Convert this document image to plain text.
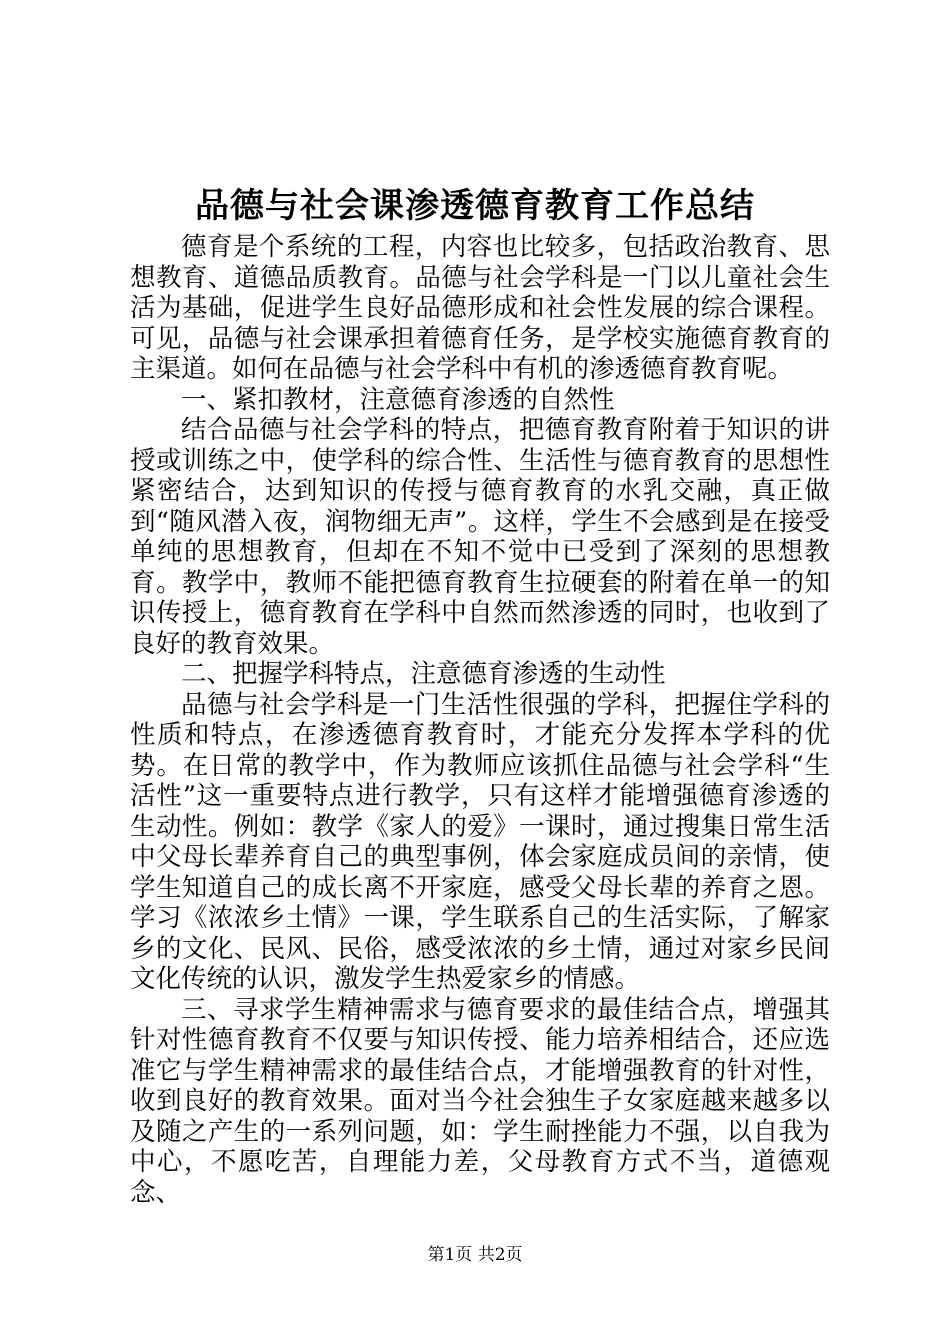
品德与社会课渗透德育教育工作总结

德育是个系统的工程，内容也比较多，包括政治教育、思想教育、道德品质教育。品德与社会学科是一门以儿童社会生活为基础，促进学生良好品德形成和社会性发展的综合课程。可见，品德与社会课承担着德育任务，是学校实施德育教育的主渠道。如何在品德与社会学科中有机的渗透德育教育呢。

一、紧扣教材，注意德育渗透的自然性

结合品德与社会学科的特点，把德育教育附着于知识的讲授或训练之中，使学科的综合性、生活性与德育教育的思想性紧密结合，达到知识的传授与德育教育的水乳交融，真正做到“随风潜入夜，润物细无声”。这样，学生不会感到是在接受单纯的思想教育，但却在不知不觉中已受到了深刻的思想教育。教学中，教师不能把德育教育生拉硬套的附着在单一的知识传授上，德育教育在学科中自然而然渗透的同时，也收到了良好的教育效果。

二、把握学科特点，注意德育渗透的生动性

品德与社会学科是一门生活性很强的学科，把握住学科的性质和特点，在渗透德育教育时，才能充分发挥本学科的优势。在日常的教学中，作为教师应该抓住品德与社会学科“生活性”这一重要特点进行教学，只有这样才能增强德育渗透的生动性。例如：教学《家人的爱》一课时，通过搜集日常生活中父母长辈养育自己的典型事例，体会家庭成员间的亲情，使学生知道自己的成长离不开家庭，感受父母长辈的养育之恩。学习《浓浓乡土情》一课，学生联系自己的生活实际，了解家乡的文化、民风、民俗，感受浓浓的乡土情，通过对家乡民间文化传统的认识，激发学生热爱家乡的情感。

三、寻求学生精神需求与德育要求的最佳结合点，增强其针对性德育教育不仅要与知识传授、能力培养相结合，还应选准它与学生精神需求的最佳结合点，才能增强教育的针对性，收到良好的教育效果。面对当今社会独生子女家庭越来越多以及随之产生的一系列问题，如：学生耐挫能力不强，以自我为中心，不愿吃苦，自理能力差，父母教育方式不当，道德观念、

第1页 共2页
